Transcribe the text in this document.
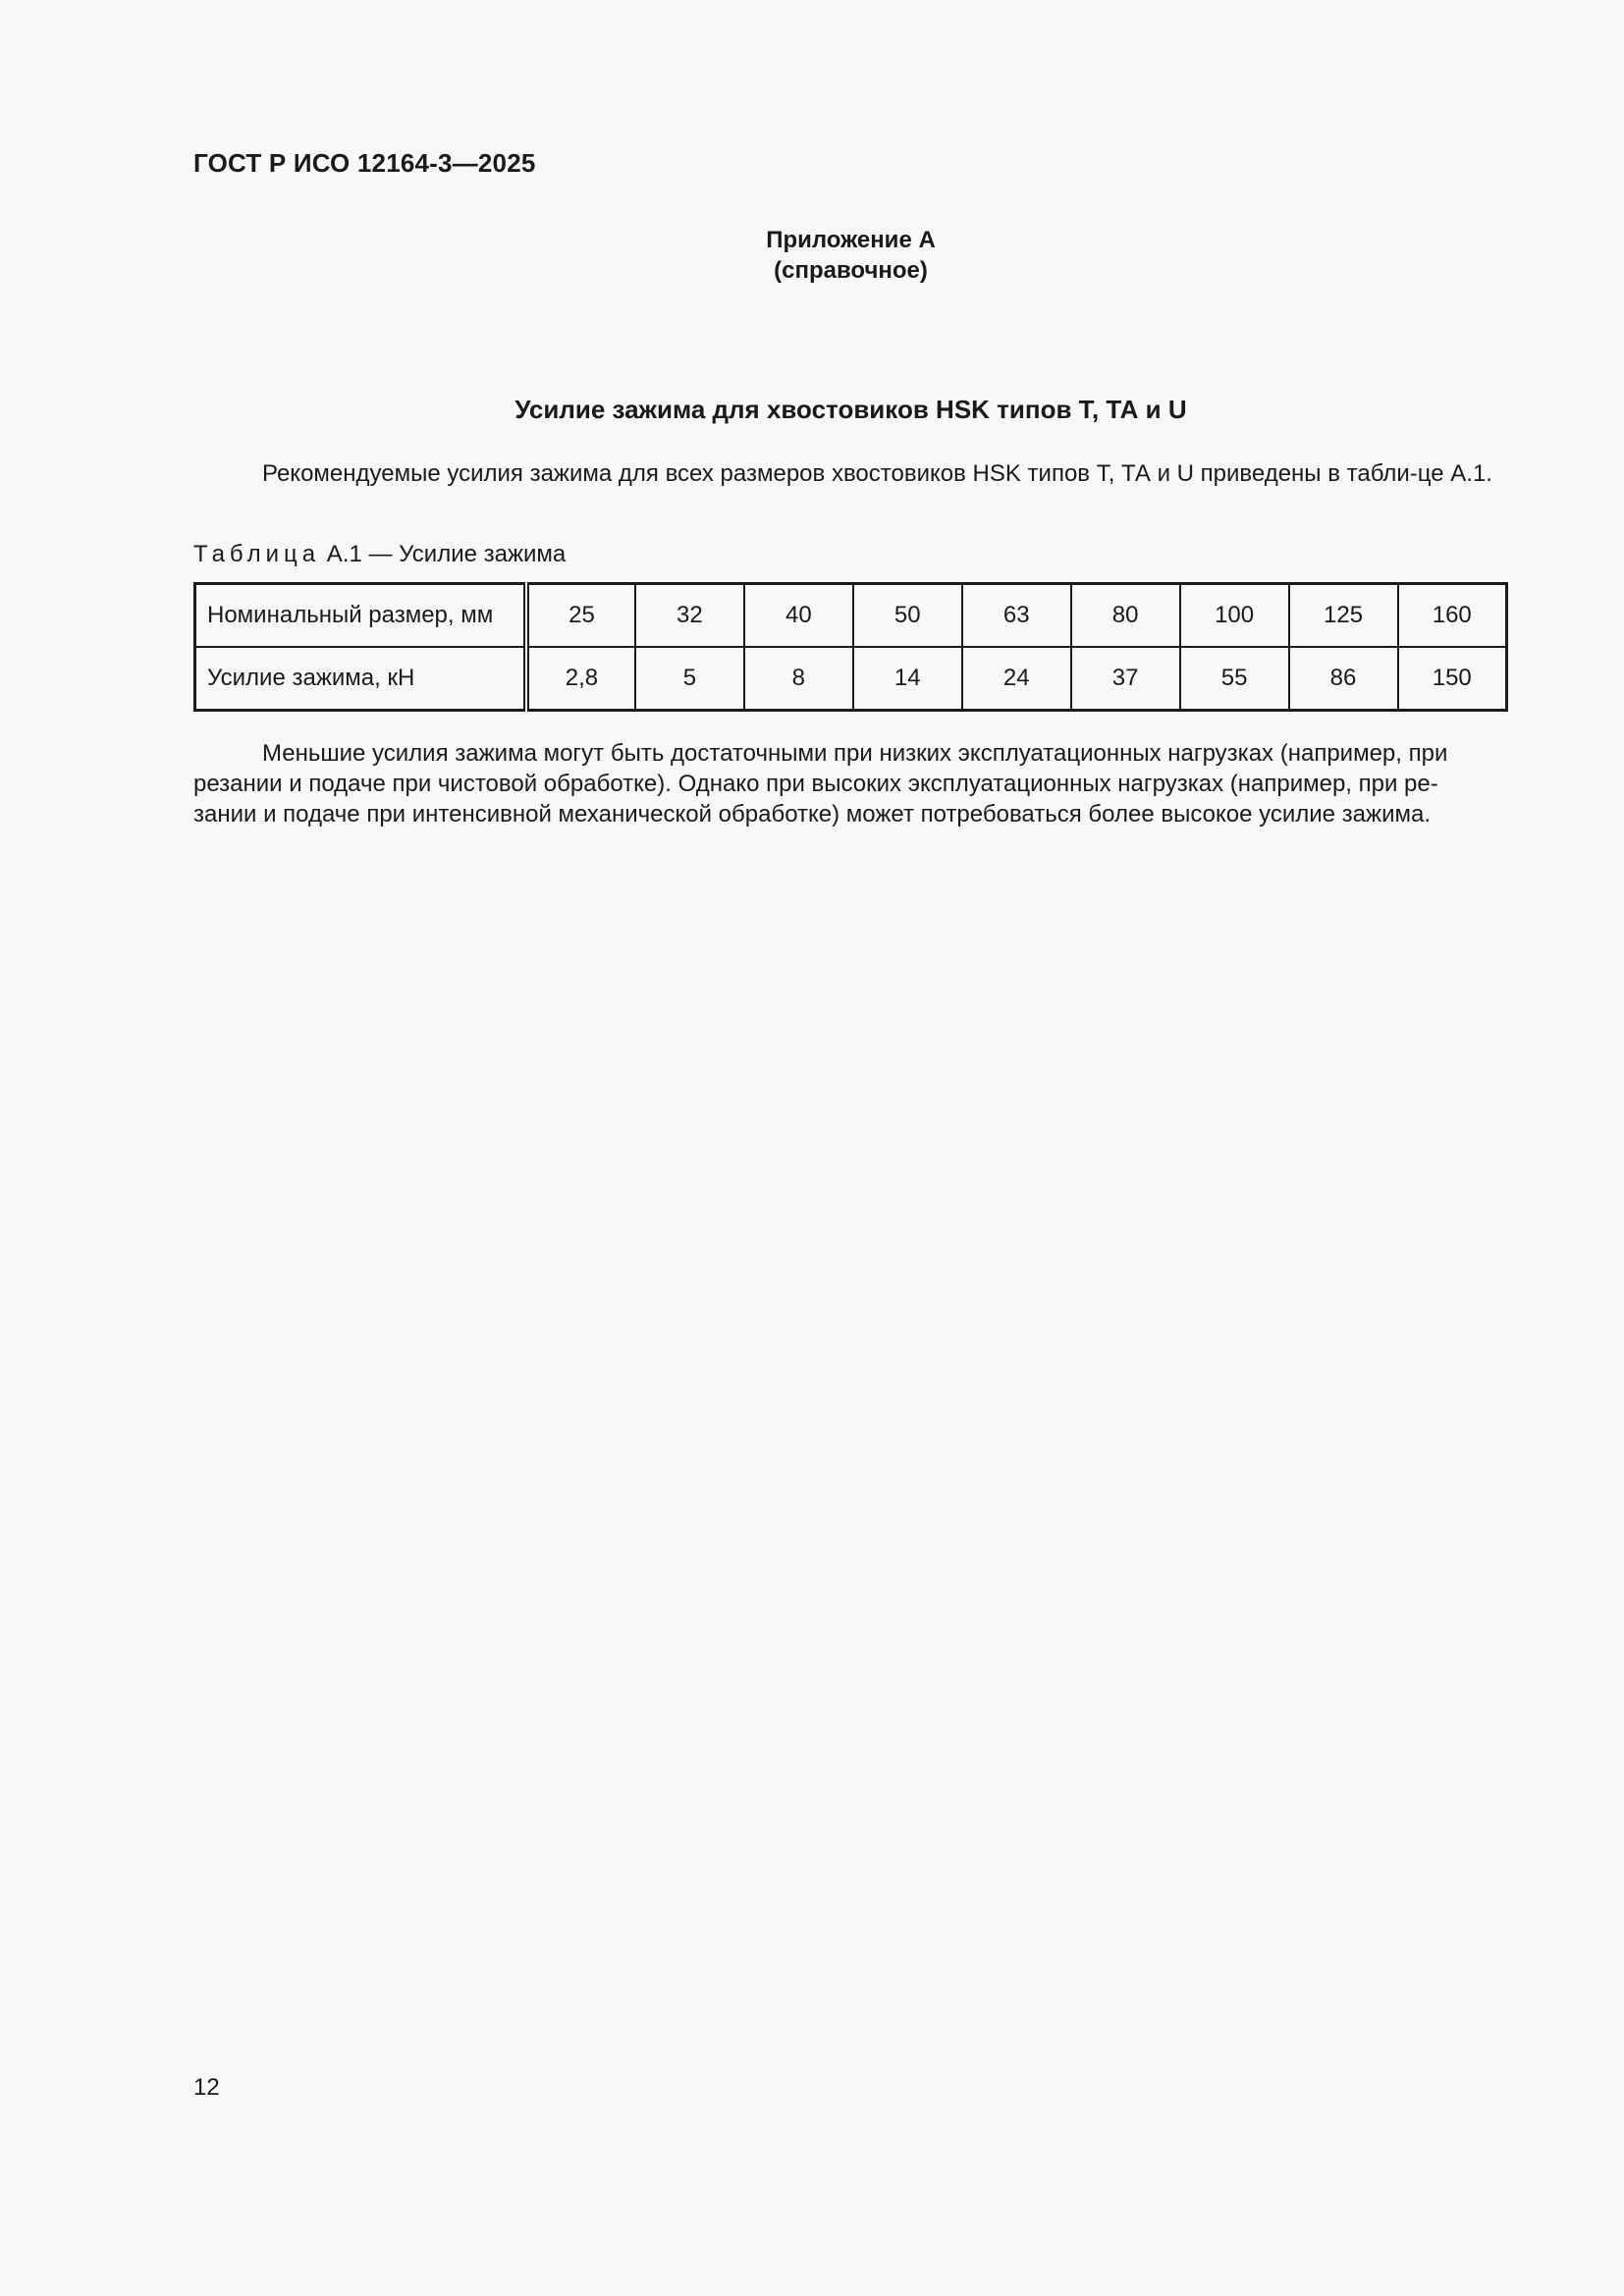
ГОСТ Р ИСО 12164-3—2025
Приложение А
(справочное)
Усилие зажима для хвостовиков HSK типов Т, ТА и U

Рекомендуемые усилия зажима для всех размеров хвостовиков HSK типов Т, ТА и U приведены в табли-це А.1.

Таблица А.1 — Усилие зажима
Номинальный размер, мм	25	32	40	50	63	80	100	125	160
Усилие зажима, кН	2,8	5	8	14	24	37	55	86	150

Меньшие усилия зажима могут быть достаточными при низких эксплуатационных нагрузках (например, при
резании и подаче при чистовой обработке). Однако при высоких эксплуатационных нагрузках (например, при ре-
зании и подаче при интенсивной механической обработке) может потребоваться более высокое усилие зажима.

12
